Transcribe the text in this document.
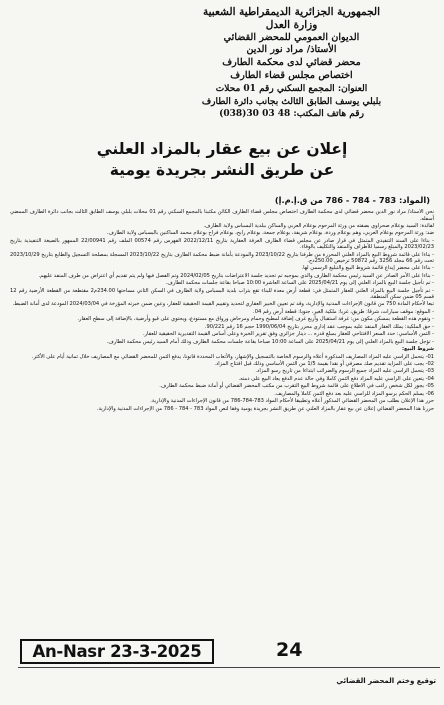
الجمهورية الجزائرية الديمقراطية الشعبية
وزارة العدل
الديوان العمومي للمحضر القضائي
الأستاذ/ مراد نور الدين
محضر قضائي لدى محكمة الطارف
اختصاص مجلس قضاء الطارف
العنوان: المجمع السكني رقم 01 محلات
بلبلي يوسف الطابق الثالث بجانب دائرة الطارف
رقم هاتف المكتب: 48 03 30(038)
إعلان عن بيع عقار بالمزاد العلني
عن طريق النشر بجريدة يومية
(المواد: 783 - 784 - 786 من ق.إ.م.إ)

نحن الأستاذ/ مراد نور الدين محضر قضائي لدى محكمة الطارف اختصاص مجلس قضاء الطارف الكائن مكتبنا بالمجمع السكني رقم 01 محلات بلبلي يوسف الطابق الثالث بجانب دائرة الطارف الممضي أسفله.

لفائدة: السيد بوعلام صحراوي بصفته من ورثة المرحوم بوعلام العربي والساكن ببلدية البسباس ولاية الطارف.

ضد: ورثة المرحوم بوعلام العربي، وهم بوعلام وردة، بوعلام شريفة، بوعلام جمعة، بوعلام رابح، بوعلام فراح بوعلام محمد الساكنين بالبسباس ولاية الطارف.

- بناءا على السند التنفيذي المتمثل في قرار صادر عن مجلس قضاء الطارف الغرفة العقارية بتاريخ 2022/12/11 الفهرس رقم 00574 الملف رقم 22/00941 الممهور بالصيغة التنفيذية بتاريخ 2023/02/23 والمبلغ رسميا للأطراف والمنفذ والتكليف بالوفاء.

- بناءا على قائمة شروط البيع بالمزاد العلني المحررة من طرفنا بتاريخ 2023/10/22 والمودعة بأمانة ضبط محكمة الطارف بتاريخ 2023/10/22 المسجلة بمصلحة التسجيل والطابع بتاريخ 2023/10/29 تحت رقم 66 مجلد 3256 رقم 50872 ترخيص 250.00دج.

- بناءا على محضر إيداع قائمة شروط البيع والتبليغ الرسمي لها.

- بناءا على الأمر الصادر عن السيد رئيس محكمة الطارف والذي بموجبه تم تحديد جلسة الاعتراضات بتاريخ 2024/02/05 وتم الفصل فيها ولم يتم تقديم أي اعتراض من طرف المنفذ عليهم.

- تم تأجيل جلسة البيع بالمزاد العلني إلى يوم 2025/04/21 على الساعة العاشرة 10:00 صباحا بقاعة جلسات محكمة الطارف.

- تم تأجيل جلسة البيع بالمزاد العلني للعقار المتمثل في: قطعة أرض معدة للبناء تقع بتراب بلدية البسباس ولاية الطارف في السكن الثاني مساحتها 234.00م2 مقتطعة من القطعة الأرضية رقم 12 قسم 05 ضمن سكن المنطقة.

تبعا لأحكام المادة 750 من قانون الإجراءات المدنية والإدارية، وقد تم تعيين الخبير العقاري لتحديد وتقييم القيمة الحقيقية للعقار، وعين ضمن خبرته المؤرخة في 2024/03/04 المودعة لدى أمانة الضبط.

- الموقع: موقف سيارات، شرقا: طريق، غربا: ملكية الغير، جنوبا: قطعة أرض رقم 04.

- وتقوم هذه القطعة بمسكن مكون من: غرفة استقبال وأربع غرف إضافة لمطبخ وحمام ومرحاض ورواق مع مستودع، ويحتوي على قبو وأرضية، بالإضافة إلى سطح العقار.

- حق الملكية: يملك العقار المنفذ عليه بموجب عقد إداري محرر بتاريخ 1990/06/04 حجم 16 رقم 90/221.

- الثمن الأساسي: حدد السعر الافتتاحي للعقار بمبلغ قدره ... دينار جزائري وفق تقرير الخبرة وعلى أساس القيمة التقديرية الحقيقية للعقار.

- تؤجل جلسة البيع بالمزاد العلني إلى يوم 2025/04/21 على الساعة 10:00 صباحا بقاعة جلسات محكمة الطارف وذلك أمام السيد رئيس محكمة الطارف.

شروط البيع:

01- يتحمل الراسي عليه المزاد المصاريف المذكورة أعلاه والرسوم الخاصة بالتسجيل والإشهار، والأتعاب المحددة قانونا، يدفع الثمن للمحضر القضائي مع المصاريف خلال ثمانية أيام على الأكثر.

02- يجب على المزايد تقديم صك مصرفي أو نقدا بقيمة 1/5 من الثمن الأساسي وذلك قبل افتتاح المزاد.

03- يتحمل الراسي عليه المزاد جميع الرسوم والضرائب ابتداءا من تاريخ رسو المزاد.

04- يتعين على الراسي عليه المزاد دفع الثمن كاملا وفي حالة عدم الدفع يعاد البيع على ذمته.

05- يجوز لكل شخص راغب في الاطلاع على قائمة شروط البيع التقرب من مكتب المحضر القضائي أو أمانة ضبط محكمة الطارف.

06- يسلم الحكم برسو المزاد للراسي عليه بعد دفع الثمن كاملا والمصاريف.

حرر هذا الإعلان بطلب من المحضر القضائي المذكور أعلاه وتطبيقا لأحكام المواد 783-784-786 من قانون الإجراءات المدنية والإدارية.

حررنا هذا المحضر القضائي إعلان عن بيع عقار بالمزاد العلني عن طريق النشر بجريدة يومية وفقا لنص المواد 783 - 784 - 786 من الإجراءات المدنية والإدارية.

توقيع وختم المحضر القضائي
An-Nasr 23-3-2025	24
